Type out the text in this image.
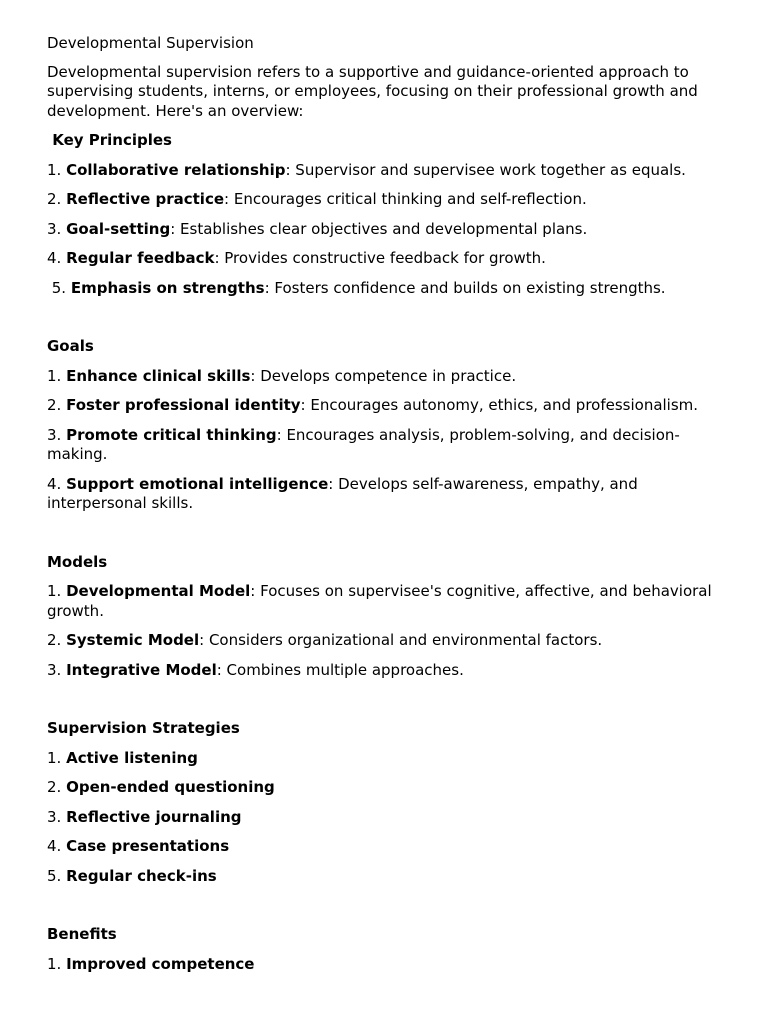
Developmental Supervision

Developmental supervision refers to a supportive and guidance-oriented approach to supervising students, interns, or employees, focusing on their professional growth and development. Here's an overview:

Key Principles

1. Collaborative relationship: Supervisor and supervisee work together as equals.

2. Reflective practice: Encourages critical thinking and self-reflection.

3. Goal-setting: Establishes clear objectives and developmental plans.

4. Regular feedback: Provides constructive feedback for growth.

5. Emphasis on strengths: Fosters confidence and builds on existing strengths.

Goals

1. Enhance clinical skills: Develops competence in practice.

2. Foster professional identity: Encourages autonomy, ethics, and professionalism.

3. Promote critical thinking: Encourages analysis, problem-solving, and decision-making.

4. Support emotional intelligence: Develops self-awareness, empathy, and interpersonal skills.

Models

1. Developmental Model: Focuses on supervisee's cognitive, affective, and behavioral growth.

2. Systemic Model: Considers organizational and environmental factors.

3. Integrative Model: Combines multiple approaches.

Supervision Strategies

1. Active listening

2. Open-ended questioning

3. Reflective journaling

4. Case presentations

5. Regular check-ins

Benefits

1. Improved competence
